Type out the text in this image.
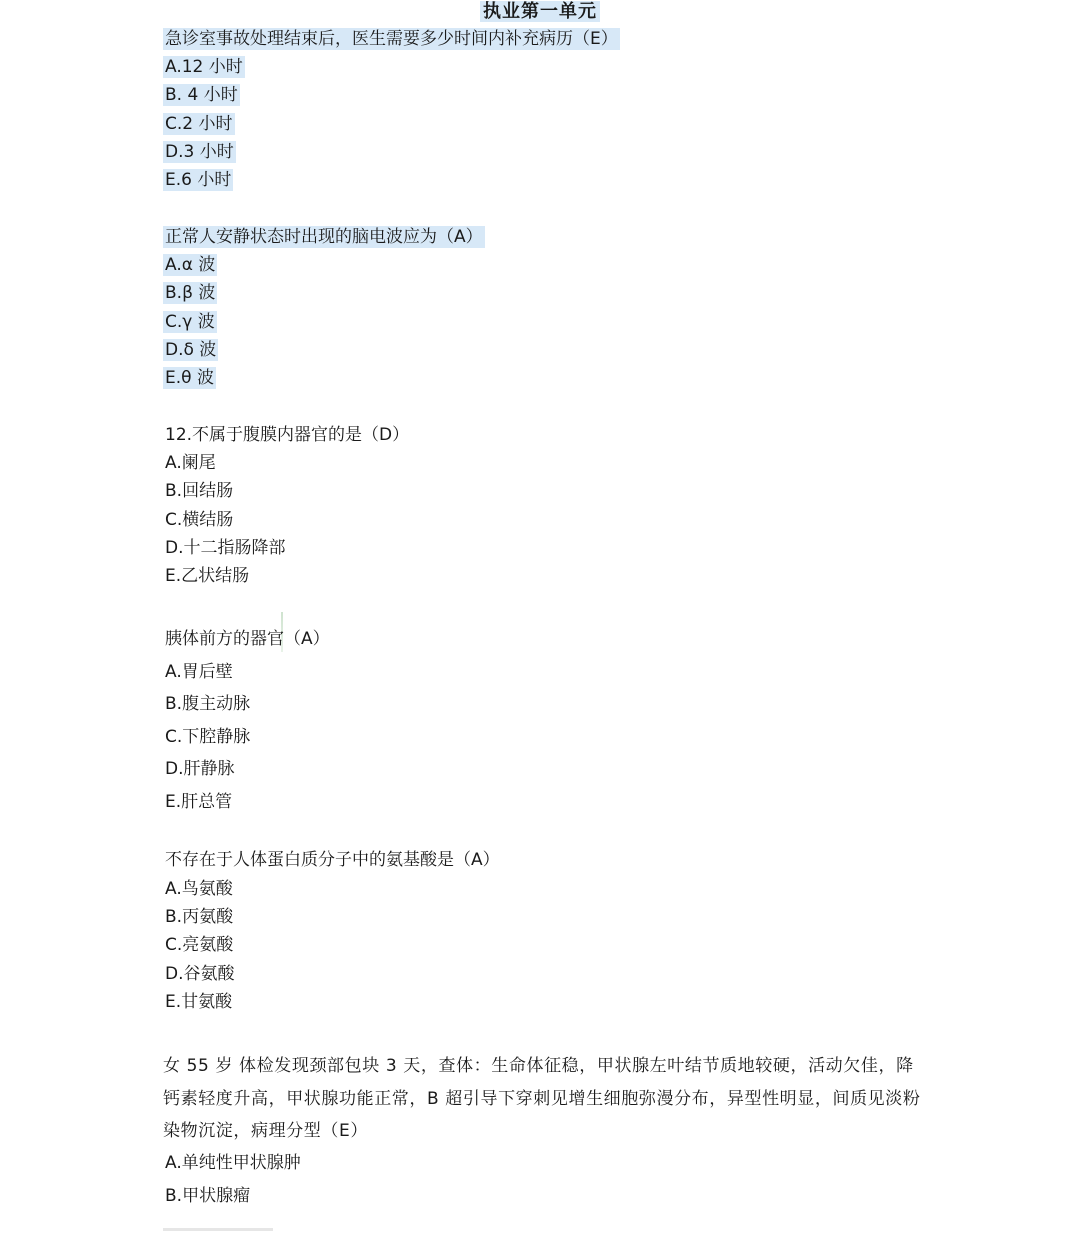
执业第一单元
急诊室事故处理结束后，医生需要多少时间内补充病历（E）
A.12 小时
B. 4 小时
C.2 小时
D.3 小时
E.6 小时
正常人安静状态时出现的脑电波应为（A）
A.α 波
B.β 波
C.γ 波
D.δ 波
E.θ 波
12.不属于腹膜内器官的是（D）
A.阑尾
B.回结肠
C.横结肠
D.十二指肠降部
E.乙状结肠
胰体前方的器官（A）
A.胃后壁
B.腹主动脉
C.下腔静脉
D.肝静脉
E.肝总管
不存在于人体蛋白质分子中的氨基酸是（A）
A.鸟氨酸
B.丙氨酸
C.亮氨酸
D.谷氨酸
E.甘氨酸
女 55 岁 体检发现颈部包块 3 天，查体：生命体征稳，甲状腺左叶结节质地较硬，活动欠佳，降钙素轻度升高，甲状腺功能正常，B 超引导下穿刺见增生细胞弥漫分布，异型性明显，间质见淡粉染物沉淀，病理分型（E）
A.单纯性甲状腺肿
B.甲状腺瘤
